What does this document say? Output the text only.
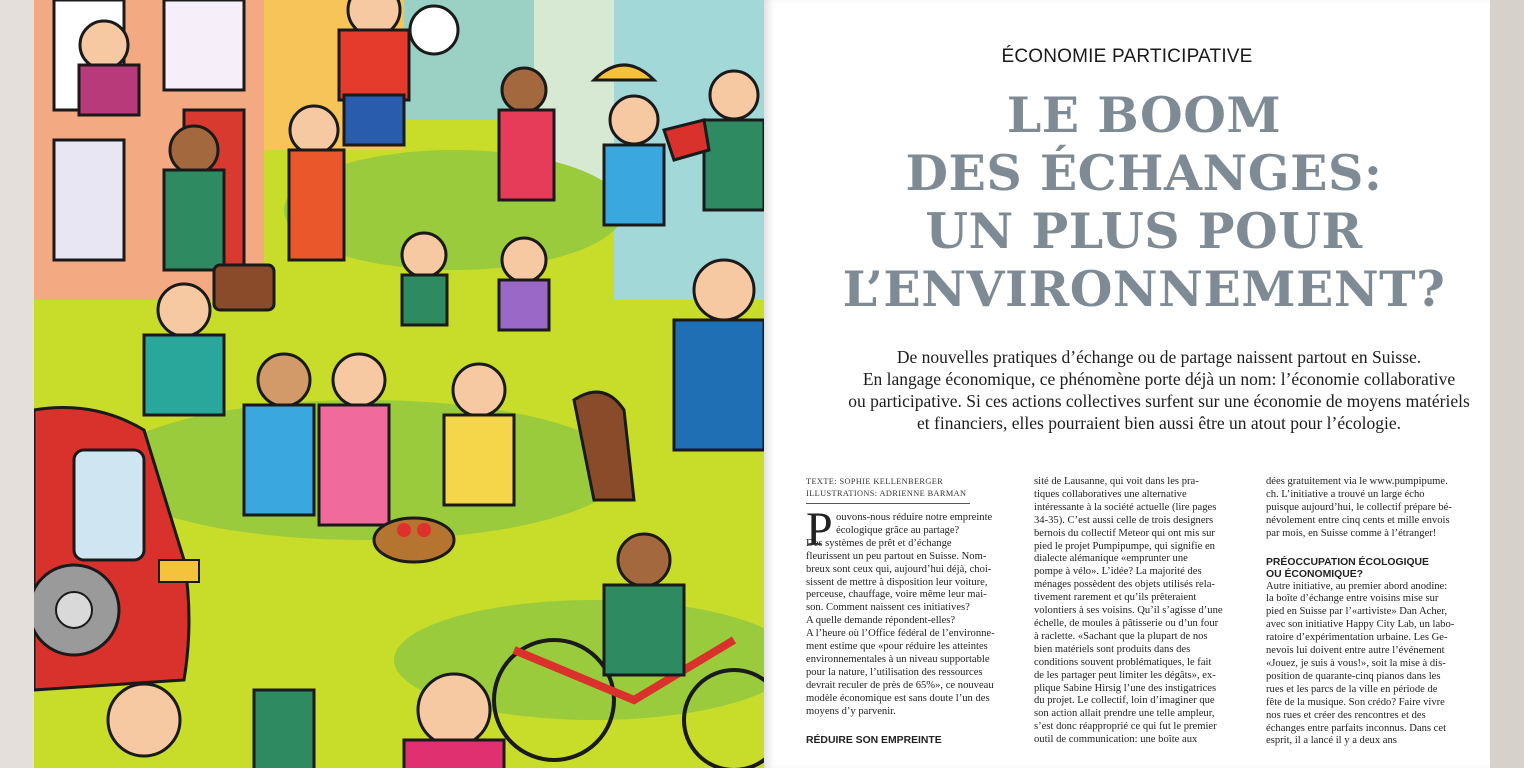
ÉCONOMIE PARTICIPATIVE
LE BOOM
DES ÉCHANGES:
UN PLUS POUR
L’ENVIRONNEMENT?
De nouvelles pratiques d’échange ou de partage naissent partout en Suisse.
En langage économique, ce phénomène porte déjà un nom: l’économie collaborative
ou participative. Si ces actions collectives surfent sur une économie de moyens matériels
et financiers, elles pourraient bien aussi être un atout pour l’écologie.
TEXTE: SOPHIE KELLENBERGER
ILLUSTRATIONS: ADRIENNE BARMAN
P ouvons-nous réduire notre empreinte
écologique grâce au partage?
Des systèmes de prêt et d’échange
fleurissent un peu partout en Suisse. Nom-
breux sont ceux qui, aujourd’hui déjà, choi-
sissent de mettre à disposition leur voiture,
perceuse, chauffage, voire même leur mai-
son. Comment naissent ces initiatives?
A quelle demande répondent-elles?
A l’heure où l’Office fédéral de l’environne-
ment estime que «pour réduire les atteintes
environnementales à un niveau supportable
pour la nature, l’utilisation des ressources
devrait reculer de près de 65%», ce nouveau
modèle économique est sans doute l’un des
moyens d’y parvenir.
RÉDUIRE SON EMPREINTE
sité de Lausanne, qui voit dans les pra-
tiques collaboratives une alternative
intéressante à la société actuelle (lire pages
34-35). C’est aussi celle de trois designers
bernois du collectif Meteor qui ont mis sur
pied le projet Pumpipumpe, qui signifie en
dialecte alémanique «emprunter une
pompe à vélo». L’idée? La majorité des
ménages possèdent des objets utilisés rela-
tivement rarement et qu’ils prêteraient
volontiers à ses voisins. Qu’il s’agisse d’une
échelle, de moules à pâtisserie ou d’un four
à raclette. «Sachant que la plupart de nos
bien matériels sont produits dans des
conditions souvent problématiques, le fait
de les partager peut limiter les dégâts», ex-
plique Sabine Hirsig l’une des instigatrices
du projet. Le collectif, loin d’imaginer que
son action allait prendre une telle ampleur,
s’est donc réapproprié ce qui fut le premier
outil de communication: une boîte aux
dées gratuitement via le www.pumpipume.
ch. L’initiative a trouvé un large écho
puisque aujourd’hui, le collectif prépare bé-
névolement entre cinq cents et mille envois
par mois, en Suisse comme à l’étranger!
PRÉOCCUPATION ÉCOLOGIQUE
OU ÉCONOMIQUE?
Autre initiative, au premier abord anodine:
la boîte d’échange entre voisins mise sur
pied en Suisse par l’«artiviste» Dan Acher,
avec son initiative Happy City Lab, un labo-
ratoire d’expérimentation urbaine. Les Ge-
nevois lui doivent entre autre l’événement
«Jouez, je suis à vous!», soit la mise à dis-
position de quarante-cinq pianos dans les
rues et les parcs de la ville en période de
fête de la musique. Son crédo? Faire vivre
nos rues et créer des rencontres et des
échanges entre parfaits inconnus. Dans cet
esprit, il a lancé il y a deux ans
